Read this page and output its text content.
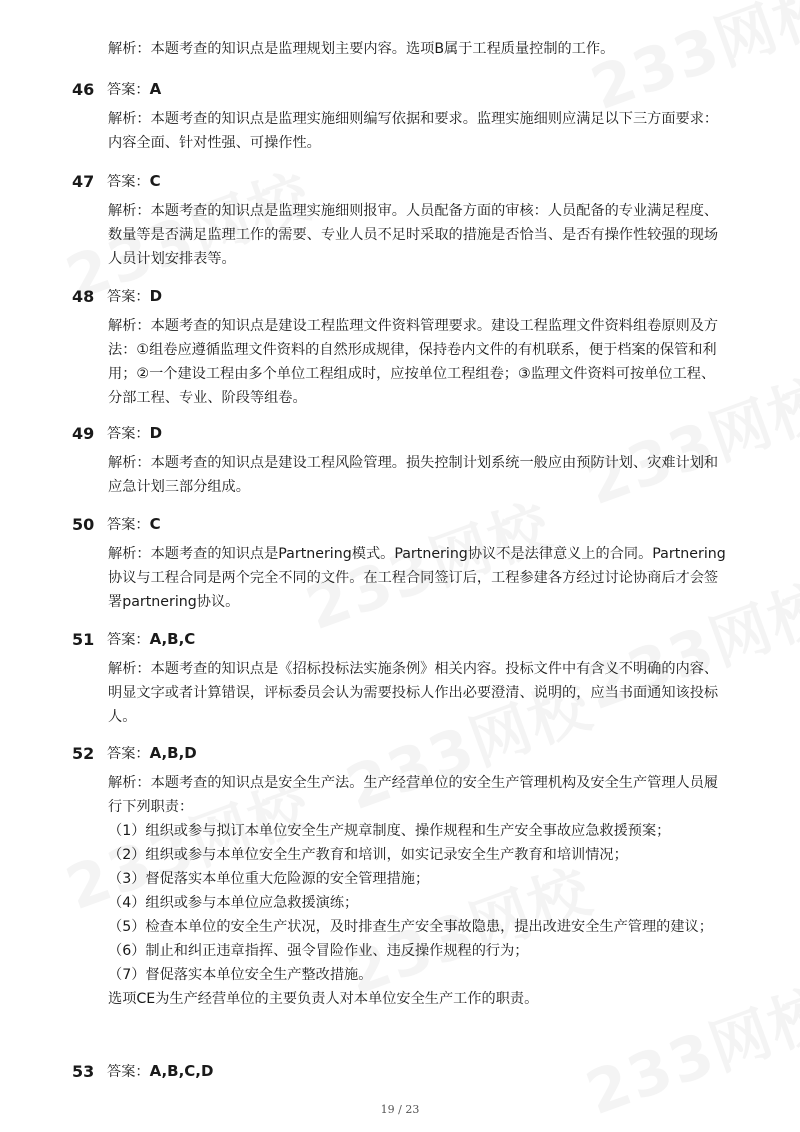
解析：本题考查的知识点是监理规划主要内容。选项B属于工程质量控制的工作。

46 答案： A

解析：本题考查的知识点是监理实施细则编写依据和要求。监理实施细则应满足以下三方面要求：内容全面、针对性强、可操作性。

47 答案： C

解析：本题考查的知识点是监理实施细则报审。人员配备方面的审核：人员配备的专业满足程度、数量等是否满足监理工作的需要、专业人员不足时采取的措施是否恰当、是否有操作性较强的现场人员计划安排表等。

48 答案： D

解析：本题考查的知识点是建设工程监理文件资料管理要求。建设工程监理文件资料组卷原则及方法：①组卷应遵循监理文件资料的自然形成规律，保持卷内文件的有机联系，便于档案的保管和利用；②一个建设工程由多个单位工程组成时，应按单位工程组卷；③监理文件资料可按单位工程、分部工程、专业、阶段等组卷。

49 答案： D

解析：本题考查的知识点是建设工程风险管理。损失控制计划系统一般应由预防计划、灾难计划和应急计划三部分组成。

50 答案： C

解析：本题考查的知识点是Partnering模式。Partnering协议不是法律意义上的合同。Partnering协议与工程合同是两个完全不同的文件。在工程合同签订后，工程参建各方经过讨论协商后才会签署partnering协议。

51 答案： A,B,C

解析：本题考查的知识点是《招标投标法实施条例》相关内容。投标文件中有含义不明确的内容、明显文字或者计算错误，评标委员会认为需要投标人作出必要澄清、说明的，应当书面通知该投标人。

52 答案： A,B,D

解析：本题考查的知识点是安全生产法。生产经营单位的安全生产管理机构及安全生产管理人员履行下列职责：

（1）组织或参与拟订本单位安全生产规章制度、操作规程和生产安全事故应急救援预案；

（2）组织或参与本单位安全生产教育和培训，如实记录安全生产教育和培训情况；

（3）督促落实本单位重大危险源的安全管理措施；

（4）组织或参与本单位应急救援演练；

（5）检查本单位的安全生产状况，及时排查生产安全事故隐患，提出改进安全生产管理的建议；

（6）制止和纠正违章指挥、强令冒险作业、违反操作规程的行为；

（7）督促落实本单位安全生产整改措施。

选项CE为生产经营单位的主要负责人对本单位安全生产工作的职责。

53 答案： A,B,C,D
19 / 23
